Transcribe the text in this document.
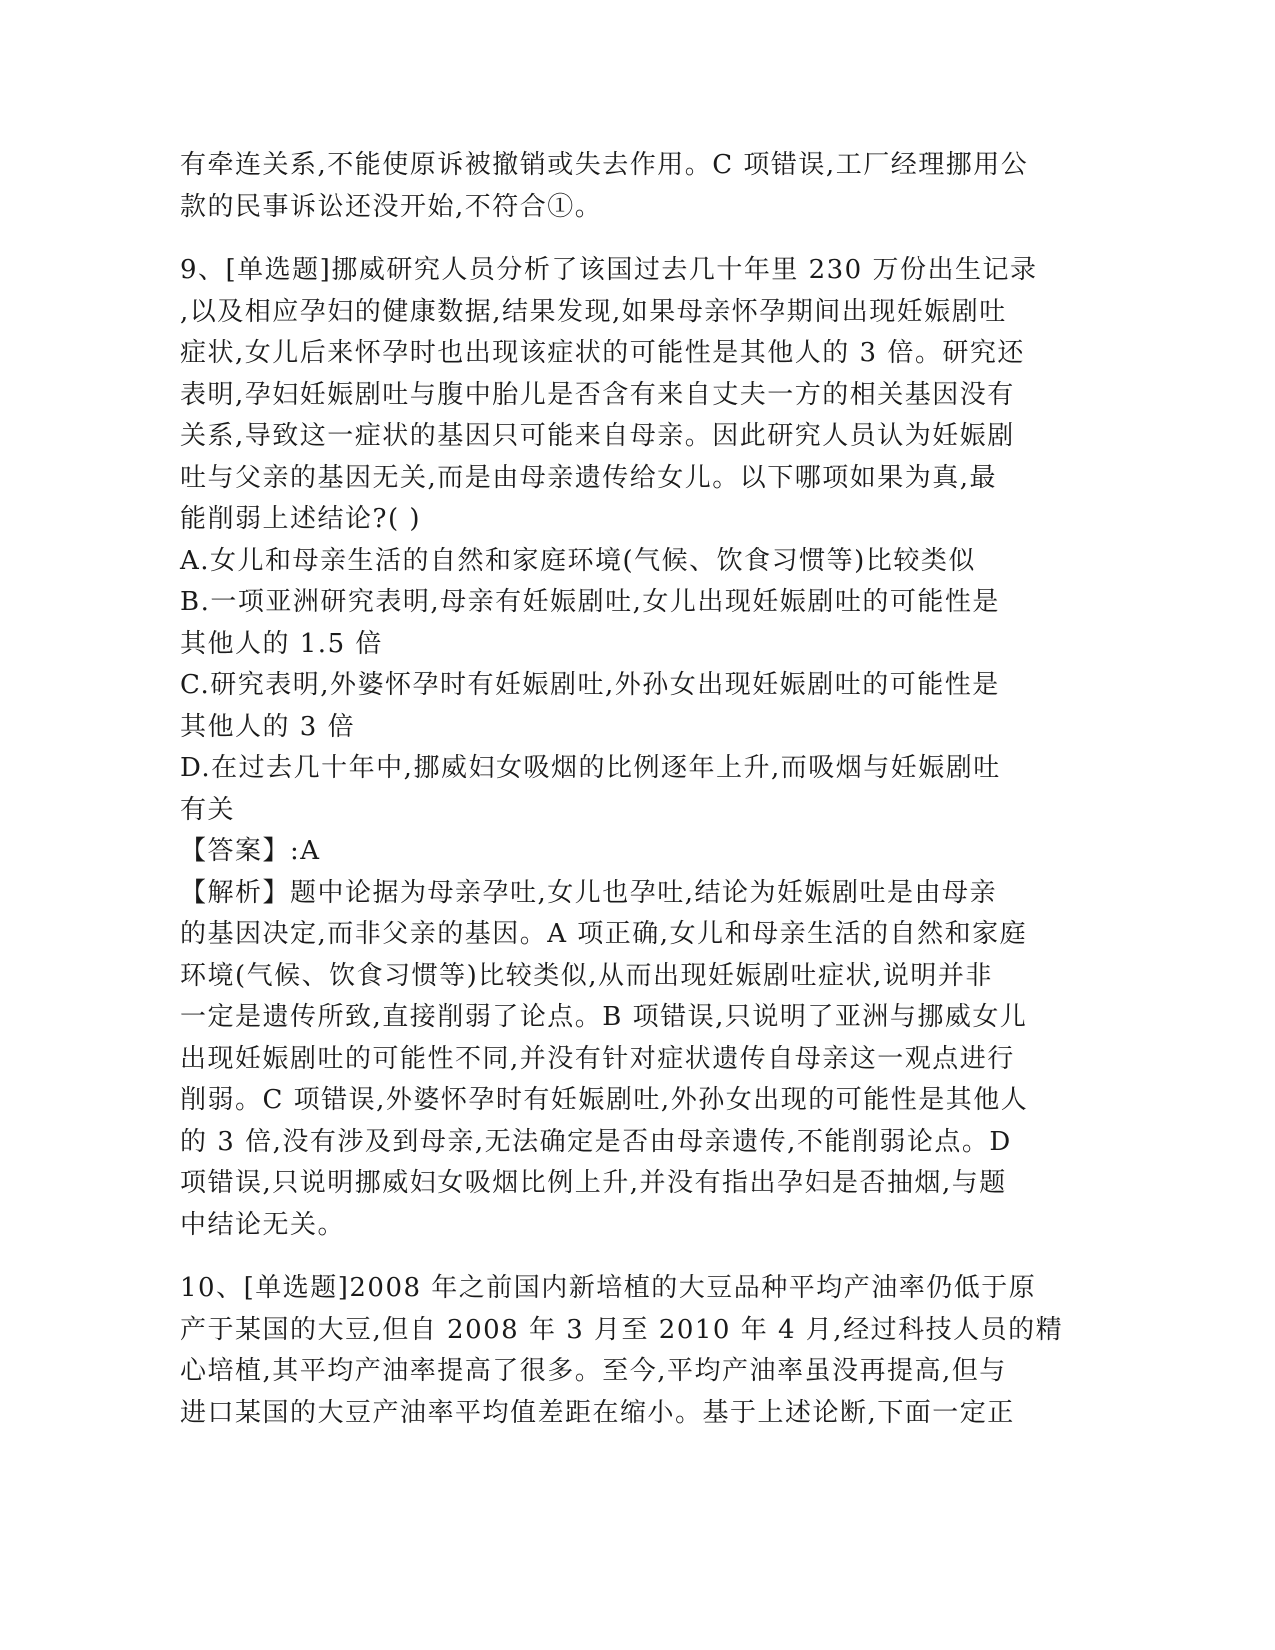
有牵连关系,不能使原诉被撤销或失去作用。C 项错误,工厂经理挪用公
款的民事诉讼还没开始,不符合①。
9、[单选题]挪威研究人员分析了该国过去几十年里 230 万份出生记录
,以及相应孕妇的健康数据,结果发现,如果母亲怀孕期间出现妊娠剧吐
症状,女儿后来怀孕时也出现该症状的可能性是其他人的 3 倍。研究还
表明,孕妇妊娠剧吐与腹中胎儿是否含有来自丈夫一方的相关基因没有
关系,导致这一症状的基因只可能来自母亲。因此研究人员认为妊娠剧
吐与父亲的基因无关,而是由母亲遗传给女儿。以下哪项如果为真,最
能削弱上述结论?( )
A.女儿和母亲生活的自然和家庭环境(气候、饮食习惯等)比较类似
B.一项亚洲研究表明,母亲有妊娠剧吐,女儿出现妊娠剧吐的可能性是
其他人的 1.5 倍
C.研究表明,外婆怀孕时有妊娠剧吐,外孙女出现妊娠剧吐的可能性是
其他人的 3 倍
D.在过去几十年中,挪威妇女吸烟的比例逐年上升,而吸烟与妊娠剧吐
有关
【答案】:A
【解析】题中论据为母亲孕吐,女儿也孕吐,结论为妊娠剧吐是由母亲
的基因决定,而非父亲的基因。A 项正确,女儿和母亲生活的自然和家庭
环境(气候、饮食习惯等)比较类似,从而出现妊娠剧吐症状,说明并非
一定是遗传所致,直接削弱了论点。B 项错误,只说明了亚洲与挪威女儿
出现妊娠剧吐的可能性不同,并没有针对症状遗传自母亲这一观点进行
削弱。C 项错误,外婆怀孕时有妊娠剧吐,外孙女出现的可能性是其他人
的 3 倍,没有涉及到母亲,无法确定是否由母亲遗传,不能削弱论点。D
项错误,只说明挪威妇女吸烟比例上升,并没有指出孕妇是否抽烟,与题
中结论无关。
10、[单选题]2008 年之前国内新培植的大豆品种平均产油率仍低于原
产于某国的大豆,但自 2008 年 3 月至 2010 年 4 月,经过科技人员的精
心培植,其平均产油率提高了很多。至今,平均产油率虽没再提高,但与
进口某国的大豆产油率平均值差距在缩小。基于上述论断,下面一定正
